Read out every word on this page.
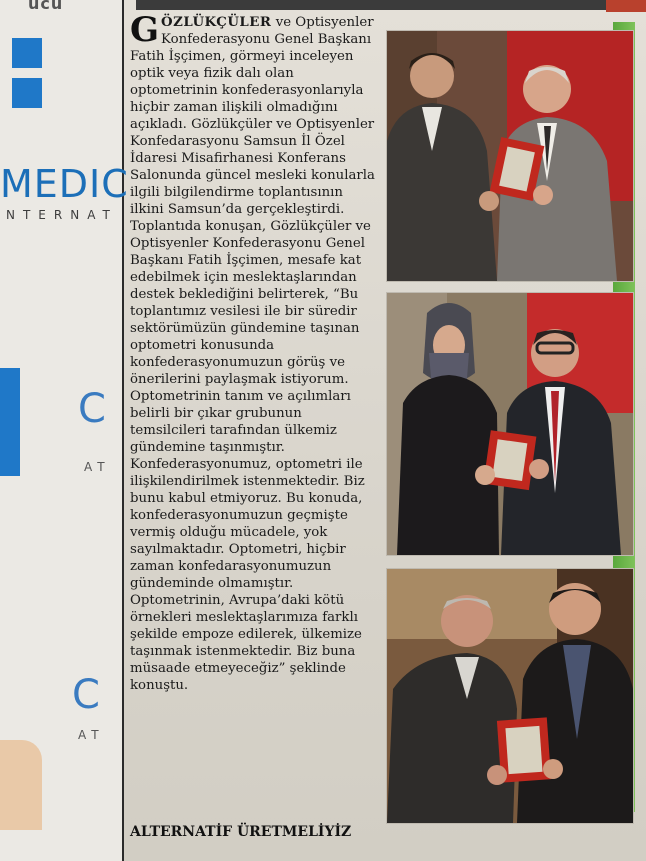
ucu
MEDIC
NTERNAT
C
AT
C
AT

GÖZLÜKÇÜLER ve Optisyenler Konfederasyonu Genel Başkanı Fatih İşçimen, görmeyi inceleyen optik veya fizik dalı olan optometrinin konfederasyonlarıyla hiçbir zaman ilişkili olmadığını açıkladı. Gözlükçüler ve Optisyenler Konfedarasyonu Samsun İl Özel İdaresi Misafirhanesi Konferans Salonunda güncel mesleki konularla ilgili bilgilendirme toplantısının ilkini Samsun’da gerçekleştirdi. Toplantıda konuşan, Gözlükçüler ve Optisyenler Konfederasyonu Genel Başkanı Fatih İşçimen, mesafe kat edebilmek için meslektaşlarından destek beklediğini belirterek, “Bu toplantımız vesilesi ile bir süredir sektörümüzün gündemine taşınan optometri konusunda konfederasyonumuzun görüş ve önerilerini paylaşmak istiyorum. Optometrinin tanım ve açılımları belirli bir çıkar grubunun temsilcileri tarafından ülkemiz gündemine taşınmıştır. Konfederasyonumuz, optometri ile ilişkilendirilmek istenmektedir. Biz bunu kabul etmiyoruz. Bu konuda, konfederasyonumuzun geçmişte vermiş olduğu mücadele, yok sayılmaktadır. Optometri, hiçbir zaman konfedarasyonumuzun gündeminde olmamıştır. Optometrinin, Avrupa’daki kötü örnekleri meslektaşlarımıza farklı şekilde empoze edilerek, ülkemize taşınmak istenmektedir. Biz buna müsaade etmeyeceğiz” şeklinde konuştu.

ALTERNATİF ÜRETMELİYİZ
